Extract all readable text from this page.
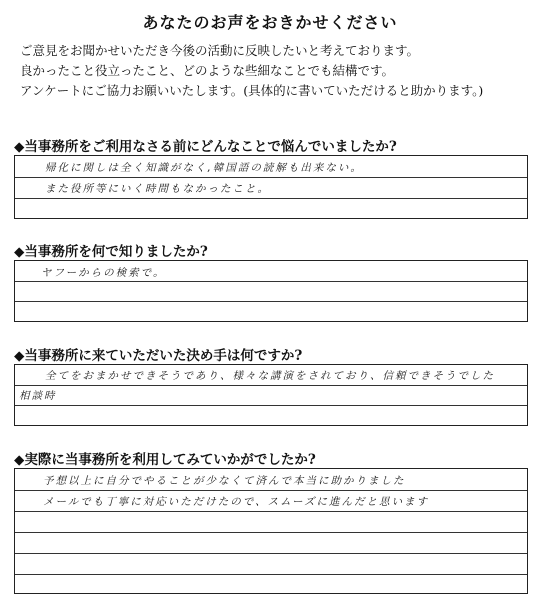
あなたのお声をおきかせください
ご意見をお聞かせいただき今後の活動に反映したいと考えております。
良かったこと役立ったこと、どのような些細なことでも結構です。
アンケートにご協力お願いいたします。(具体的に書いていただけると助かります。)
◆当事務所をご利用なさる前にどんなことで悩んでいましたか?
帰化に関しは全く知識がなく,韓国語の読解も出来ない。
また役所等にいく時間もなかったこと。
◆当事務所を何で知りましたか?
ヤフーからの検索で。
◆当事務所に来ていただいた決め手は何ですか?
全てをおまかせできそうであり、様々な講演をされており、信頼できそうでした
相談時
◆実際に当事務所を利用してみていかがでしたか?
予想以上に自分でやることが少なくて済んで本当に助かりました
メールでも丁寧に対応いただけたので、スムーズに進んだと思います
